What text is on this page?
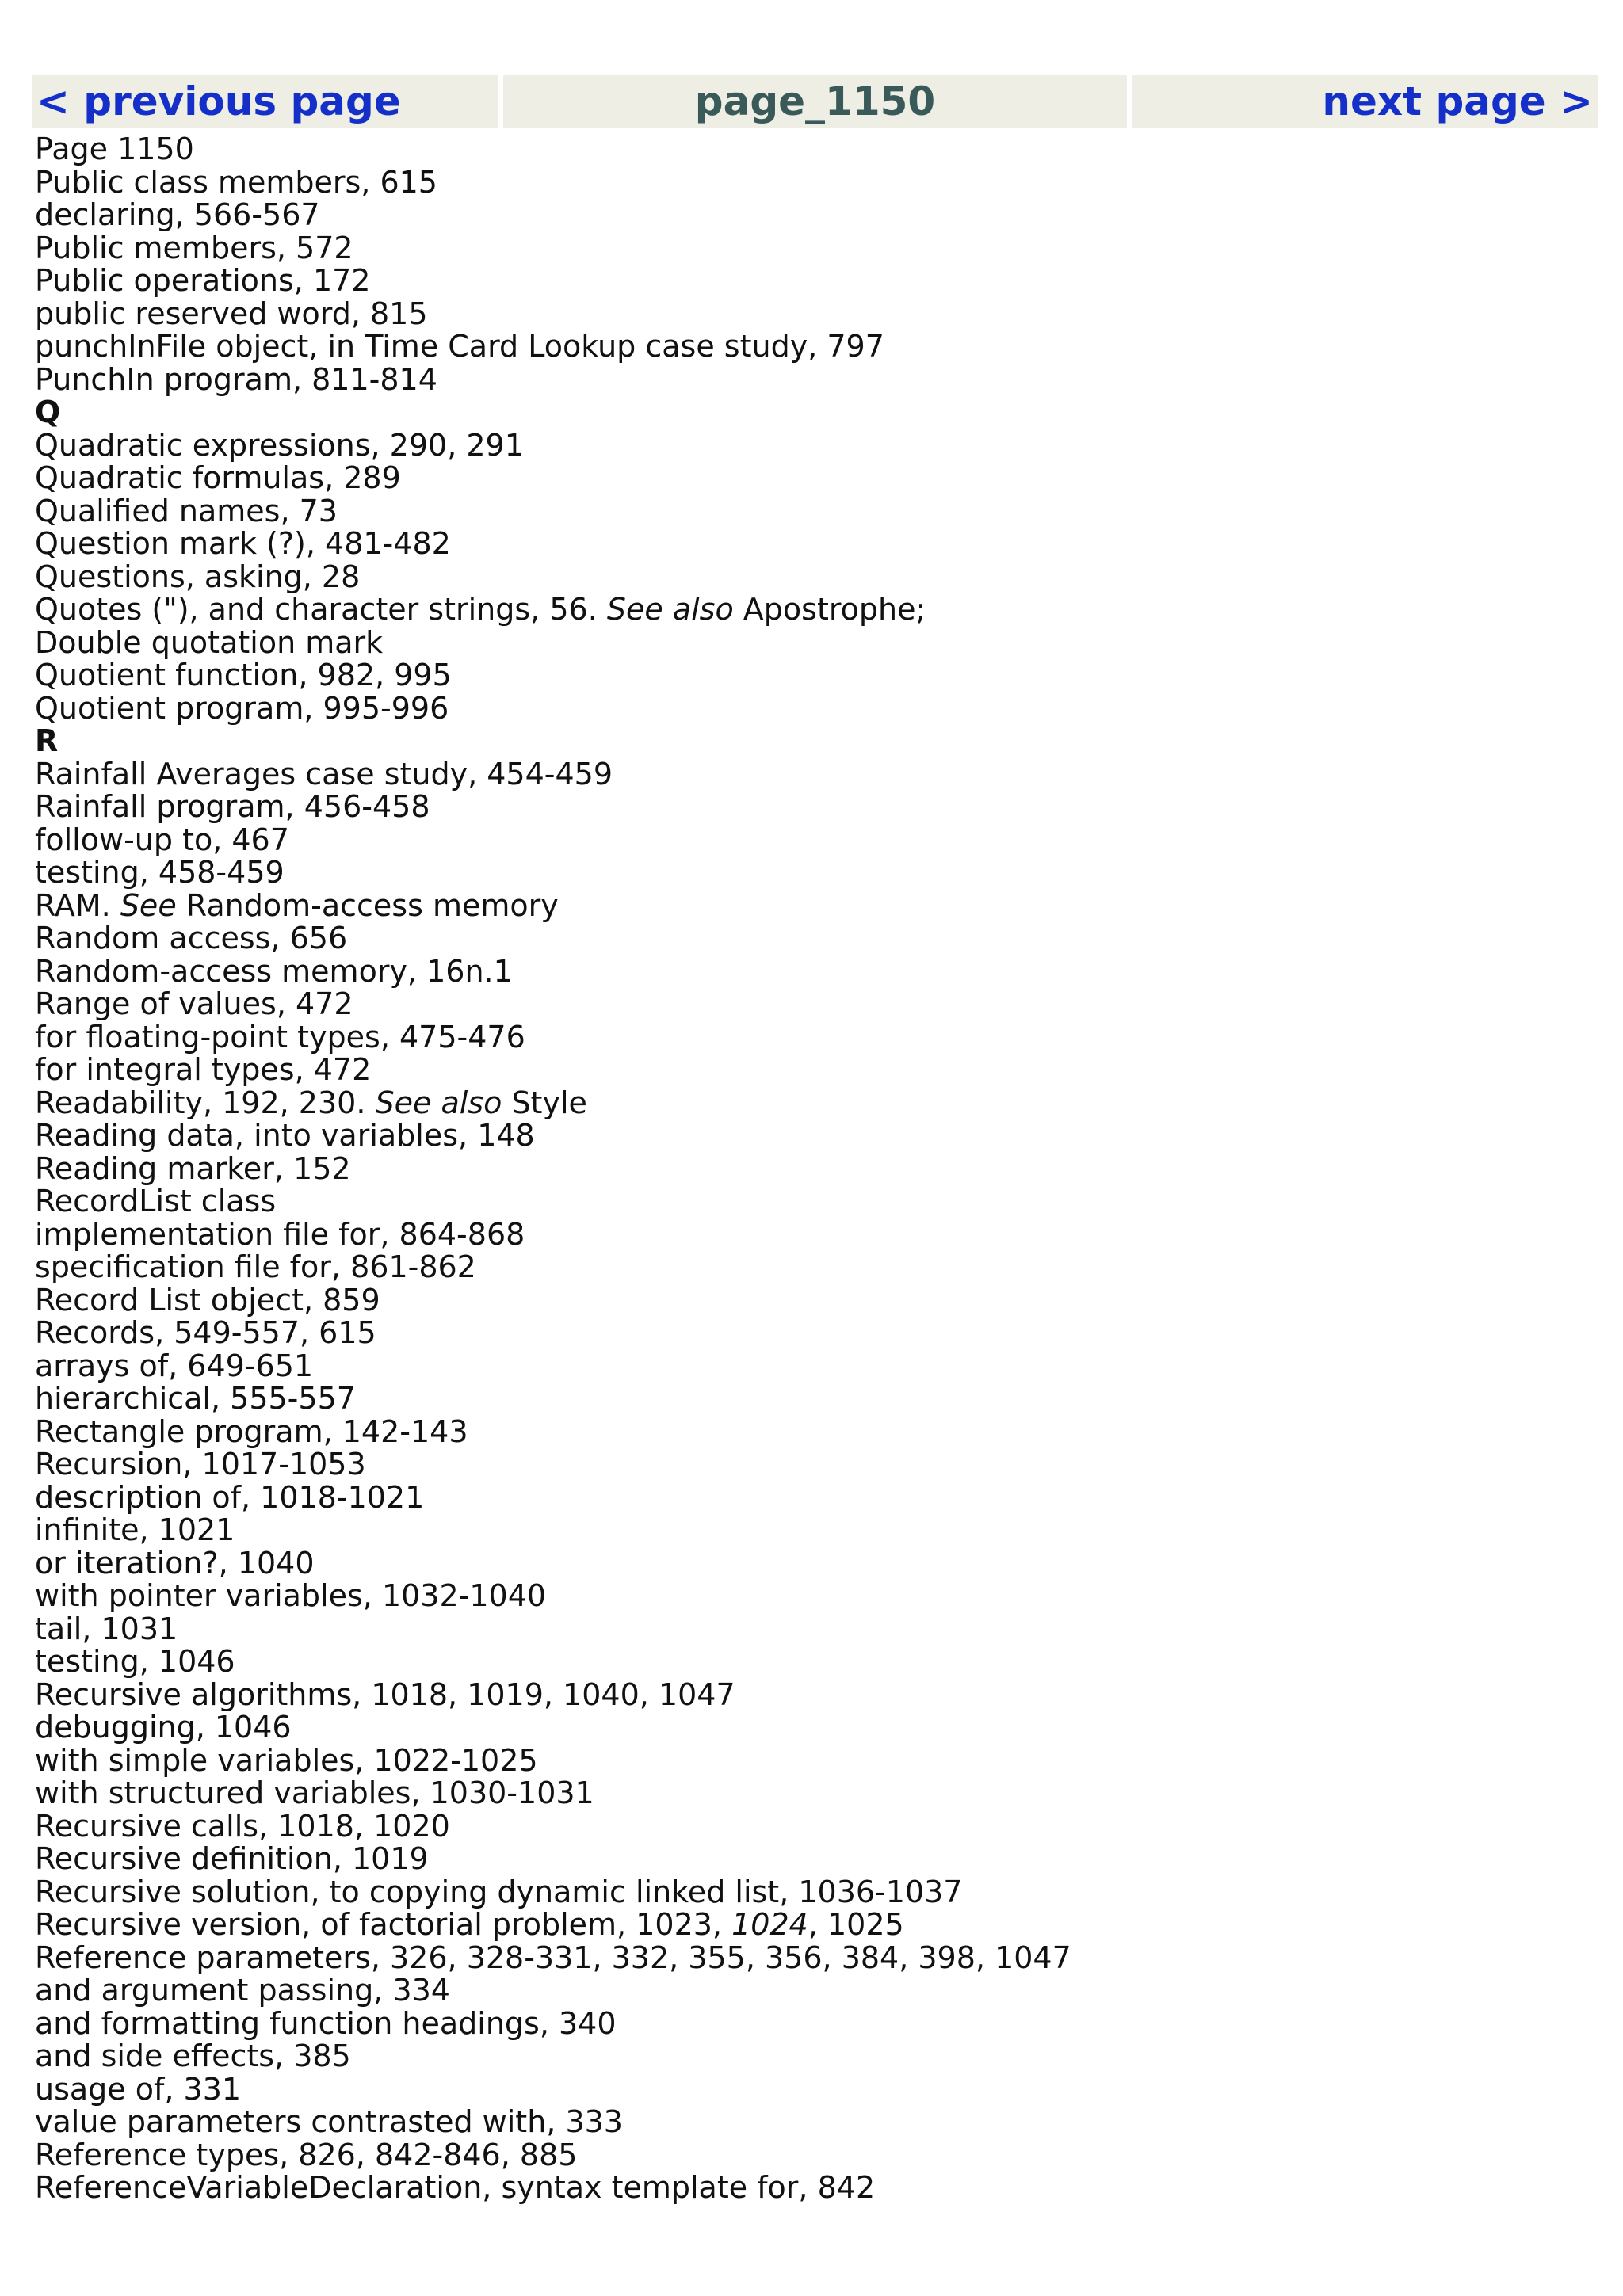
< previous page	page_1150	next page >
Page 1150
Public class members, 615
declaring, 566-567
Public members, 572
Public operations, 172
public reserved word, 815
punchInFile object, in Time Card Lookup case study, 797
PunchIn program, 811-814
Q
Quadratic expressions, 290, 291
Quadratic formulas, 289
Qualified names, 73
Question mark (?), 481-482
Questions, asking, 28
Quotes ("), and character strings, 56. See also Apostrophe;
Double quotation mark
Quotient function, 982, 995
Quotient program, 995-996
R
Rainfall Averages case study, 454-459
Rainfall program, 456-458
follow-up to, 467
testing, 458-459
RAM. See Random-access memory
Random access, 656
Random-access memory, 16n.1
Range of values, 472
for floating-point types, 475-476
for integral types, 472
Readability, 192, 230. See also Style
Reading data, into variables, 148
Reading marker, 152
RecordList class
implementation file for, 864-868
specification file for, 861-862
Record List object, 859
Records, 549-557, 615
arrays of, 649-651
hierarchical, 555-557
Rectangle program, 142-143
Recursion, 1017-1053
description of, 1018-1021
infinite, 1021
or iteration?, 1040
with pointer variables, 1032-1040
tail, 1031
testing, 1046
Recursive algorithms, 1018, 1019, 1040, 1047
debugging, 1046
with simple variables, 1022-1025
with structured variables, 1030-1031
Recursive calls, 1018, 1020
Recursive definition, 1019
Recursive solution, to copying dynamic linked list, 1036-1037
Recursive version, of factorial problem, 1023, 1024, 1025
Reference parameters, 326, 328-331, 332, 355, 356, 384, 398, 1047
and argument passing, 334
and formatting function headings, 340
and side effects, 385
usage of, 331
value parameters contrasted with, 333
Reference types, 826, 842-846, 885
ReferenceVariableDeclaration, syntax template for, 842
